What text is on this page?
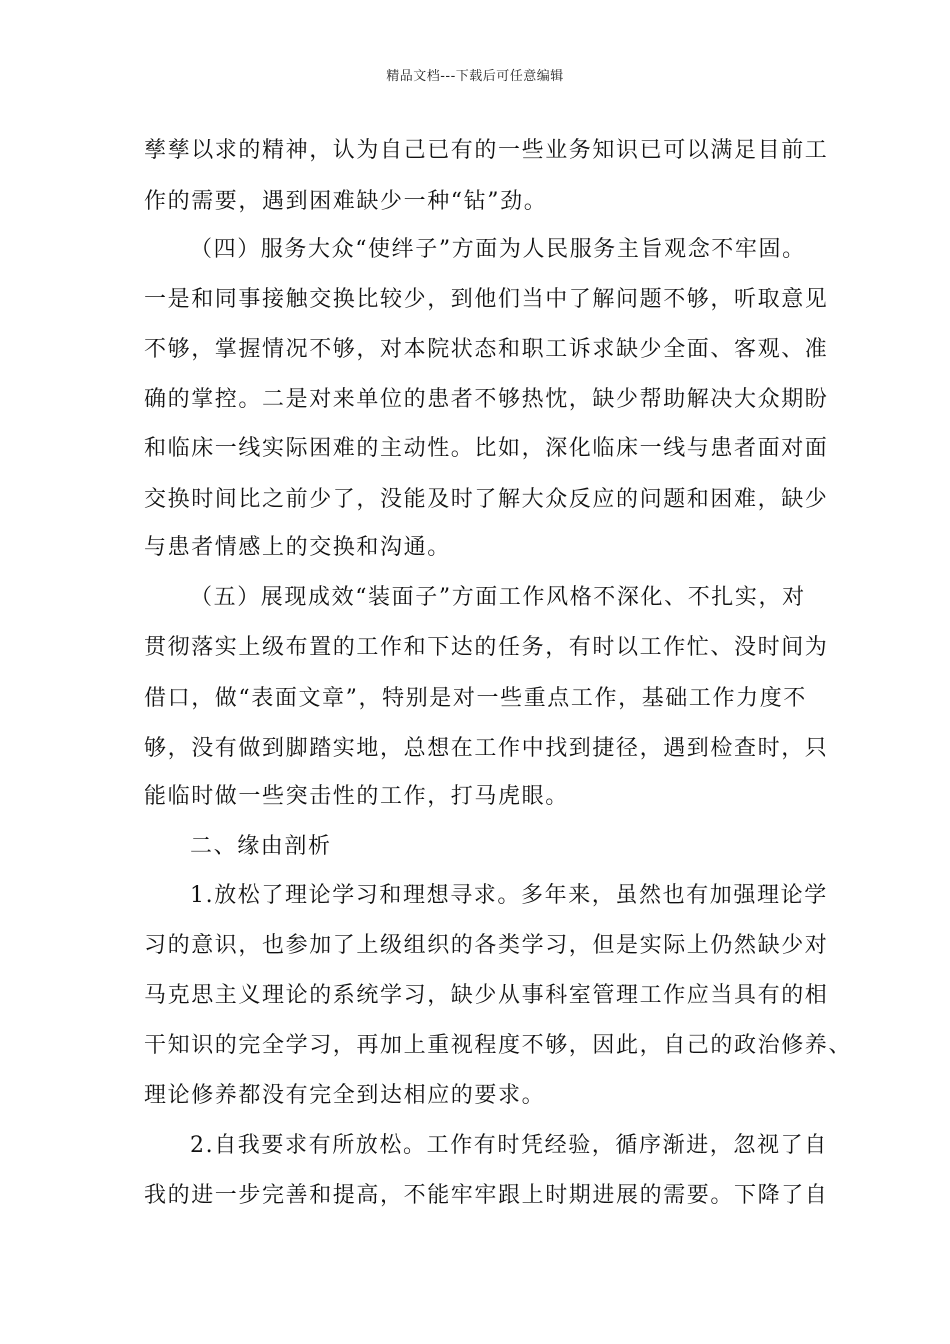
精品文档---下载后可任意编辑

孳孳以求的精神，认为自己已有的一些业务知识已可以满足目前工

作的需要，遇到困难缺少一种“钻”劲。

（四）服务大众“使绊子”方面为人民服务主旨观念不牢固。

一是和同事接触交换比较少，到他们当中了解问题不够，听取意见

不够，掌握情况不够，对本院状态和职工诉求缺少全面、客观、准

确的掌控。二是对来单位的患者不够热忱，缺少帮助解决大众期盼

和临床一线实际困难的主动性。比如，深化临床一线与患者面对面

交换时间比之前少了，没能及时了解大众反应的问题和困难，缺少

与患者情感上的交换和沟通。

（五）展现成效“装面子”方面工作风格不深化、不扎实，对

贯彻落实上级布置的工作和下达的任务，有时以工作忙、没时间为

借口，做“表面文章”，特别是对一些重点工作，基础工作力度不

够，没有做到脚踏实地，总想在工作中找到捷径，遇到检查时，只

能临时做一些突击性的工作，打马虎眼。

二、缘由剖析

1.放松了理论学习和理想寻求。多年来，虽然也有加强理论学

习的意识，也参加了上级组织的各类学习，但是实际上仍然缺少对

马克思主义理论的系统学习，缺少从事科室管理工作应当具有的相

干知识的完全学习，再加上重视程度不够，因此，自己的政治修养、

理论修养都没有完全到达相应的要求。

2.自我要求有所放松。工作有时凭经验，循序渐进，忽视了自

我的进一步完善和提高，不能牢牢跟上时期进展的需要。下降了自
